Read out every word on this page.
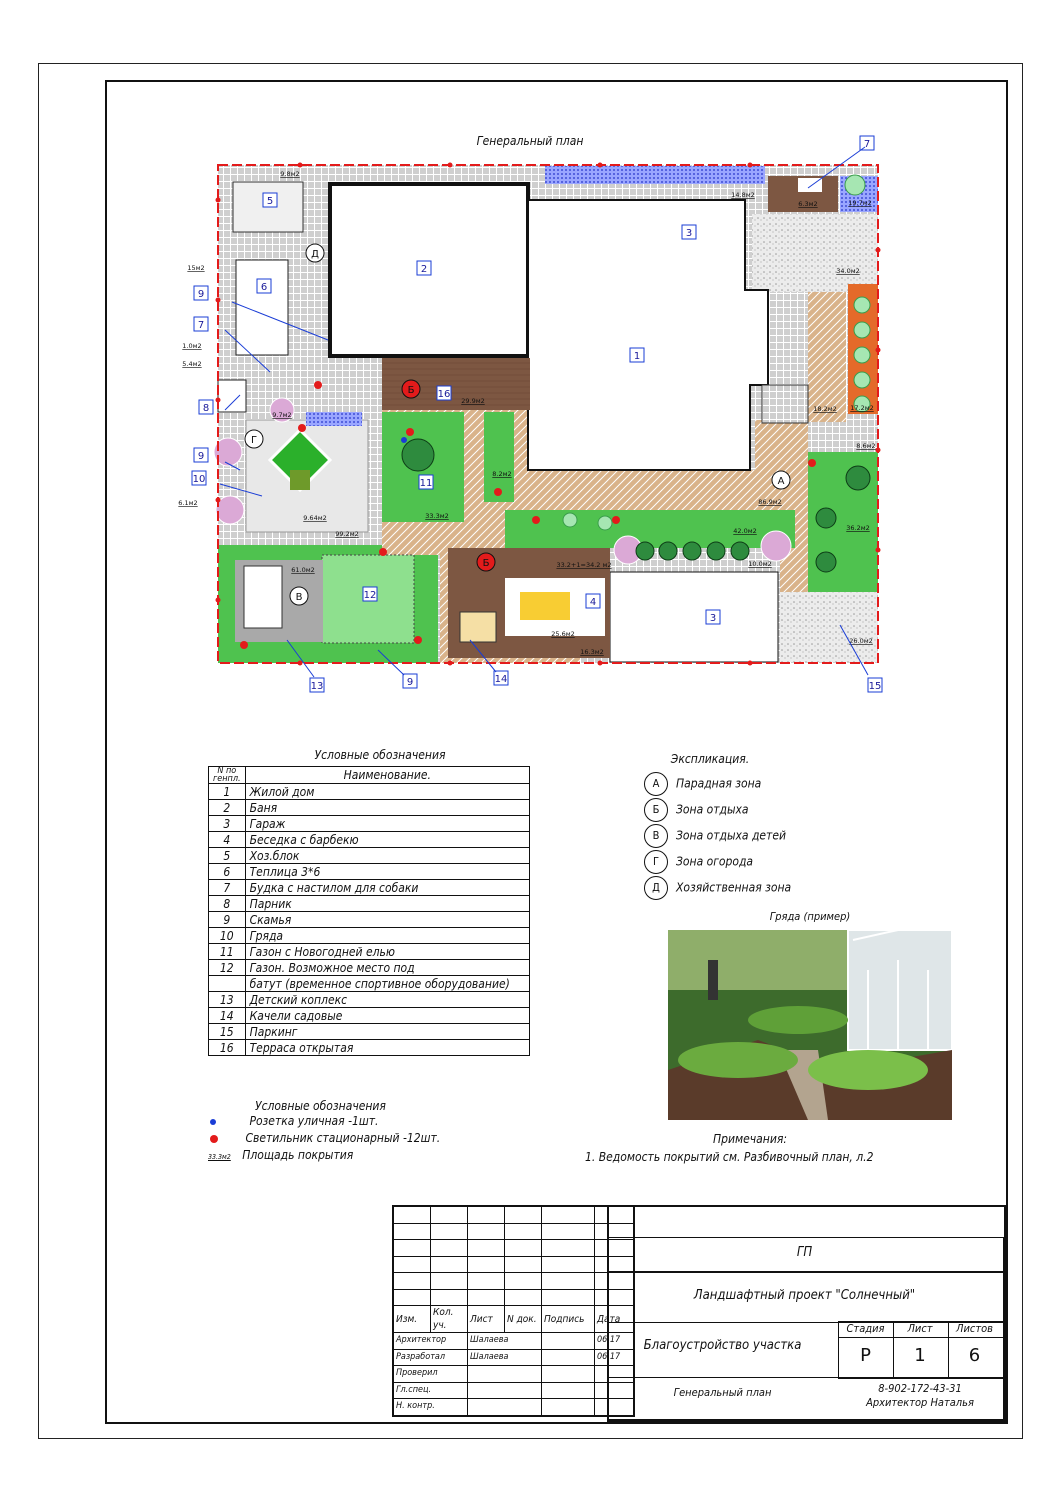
Генеральный план
1
2
3
3
4
5
6
7
7
8
9
9
9
10	11
12
13
14
15
16
А
Б
Б
В
Г
Д
9.8м2
14.8м2
6.3м2	19.7м2
15м2	34.0м2
1.0м2
5.4м2
9.7м2
29.9м2
17.2м2
18.2м2
8.6м2
8.2м2
86.9м2
6.1м2
9.64м2	33.3м2
36.2м2
42.0м2
99.2м2
10.0м2
33.2+1=34.2 м2
61.0м2
25.6м2
16.3м2
26.0м2
Условные обозначения
N по генпл.	Наименование.
1	Жилой дом
2	Баня
3	Гараж
4	Беседка с барбекю
5	Хоз.блок
6	Теплица 3*6
7	Будка с настилом для собаки
8	Парник
9	Скамья
10	Гряда
11	Газон с Новогодней елью
12	Газон. Возможное место под
	батут (временное спортивное оборудование)
13	Детский коплекс
14	Качели садовые
15	Паркинг
16	Терраса открытая
Экспликация.
А Парадная зона
Б Зона отдыха
В Зона отдыха детей
Г Зона огорода
Д Хозяйственная зона
Гряда (пример)
Примечания:
1. Ведомость покрытий см. Разбивочный план, л.2
Условные обозначения
Розетка уличная -1шт.
Светильник стационарный -12шт.
33.3м2 Площадь покрытия

Изм.	Кол. уч.	Лист	N док.	Подпись	Дата
Архитектор		Шалаева			06.17
Разработал		Шалаева			06.17
Проверил					
Гл.спец.					
Н. контр.					
ГП
Ландшафтный проект "Солнечный"
Благоустройство участка
Генеральный план
Стадия	Лист	Листов
Р	1	6
8-902-172-43-31
Архитектор Наталья
